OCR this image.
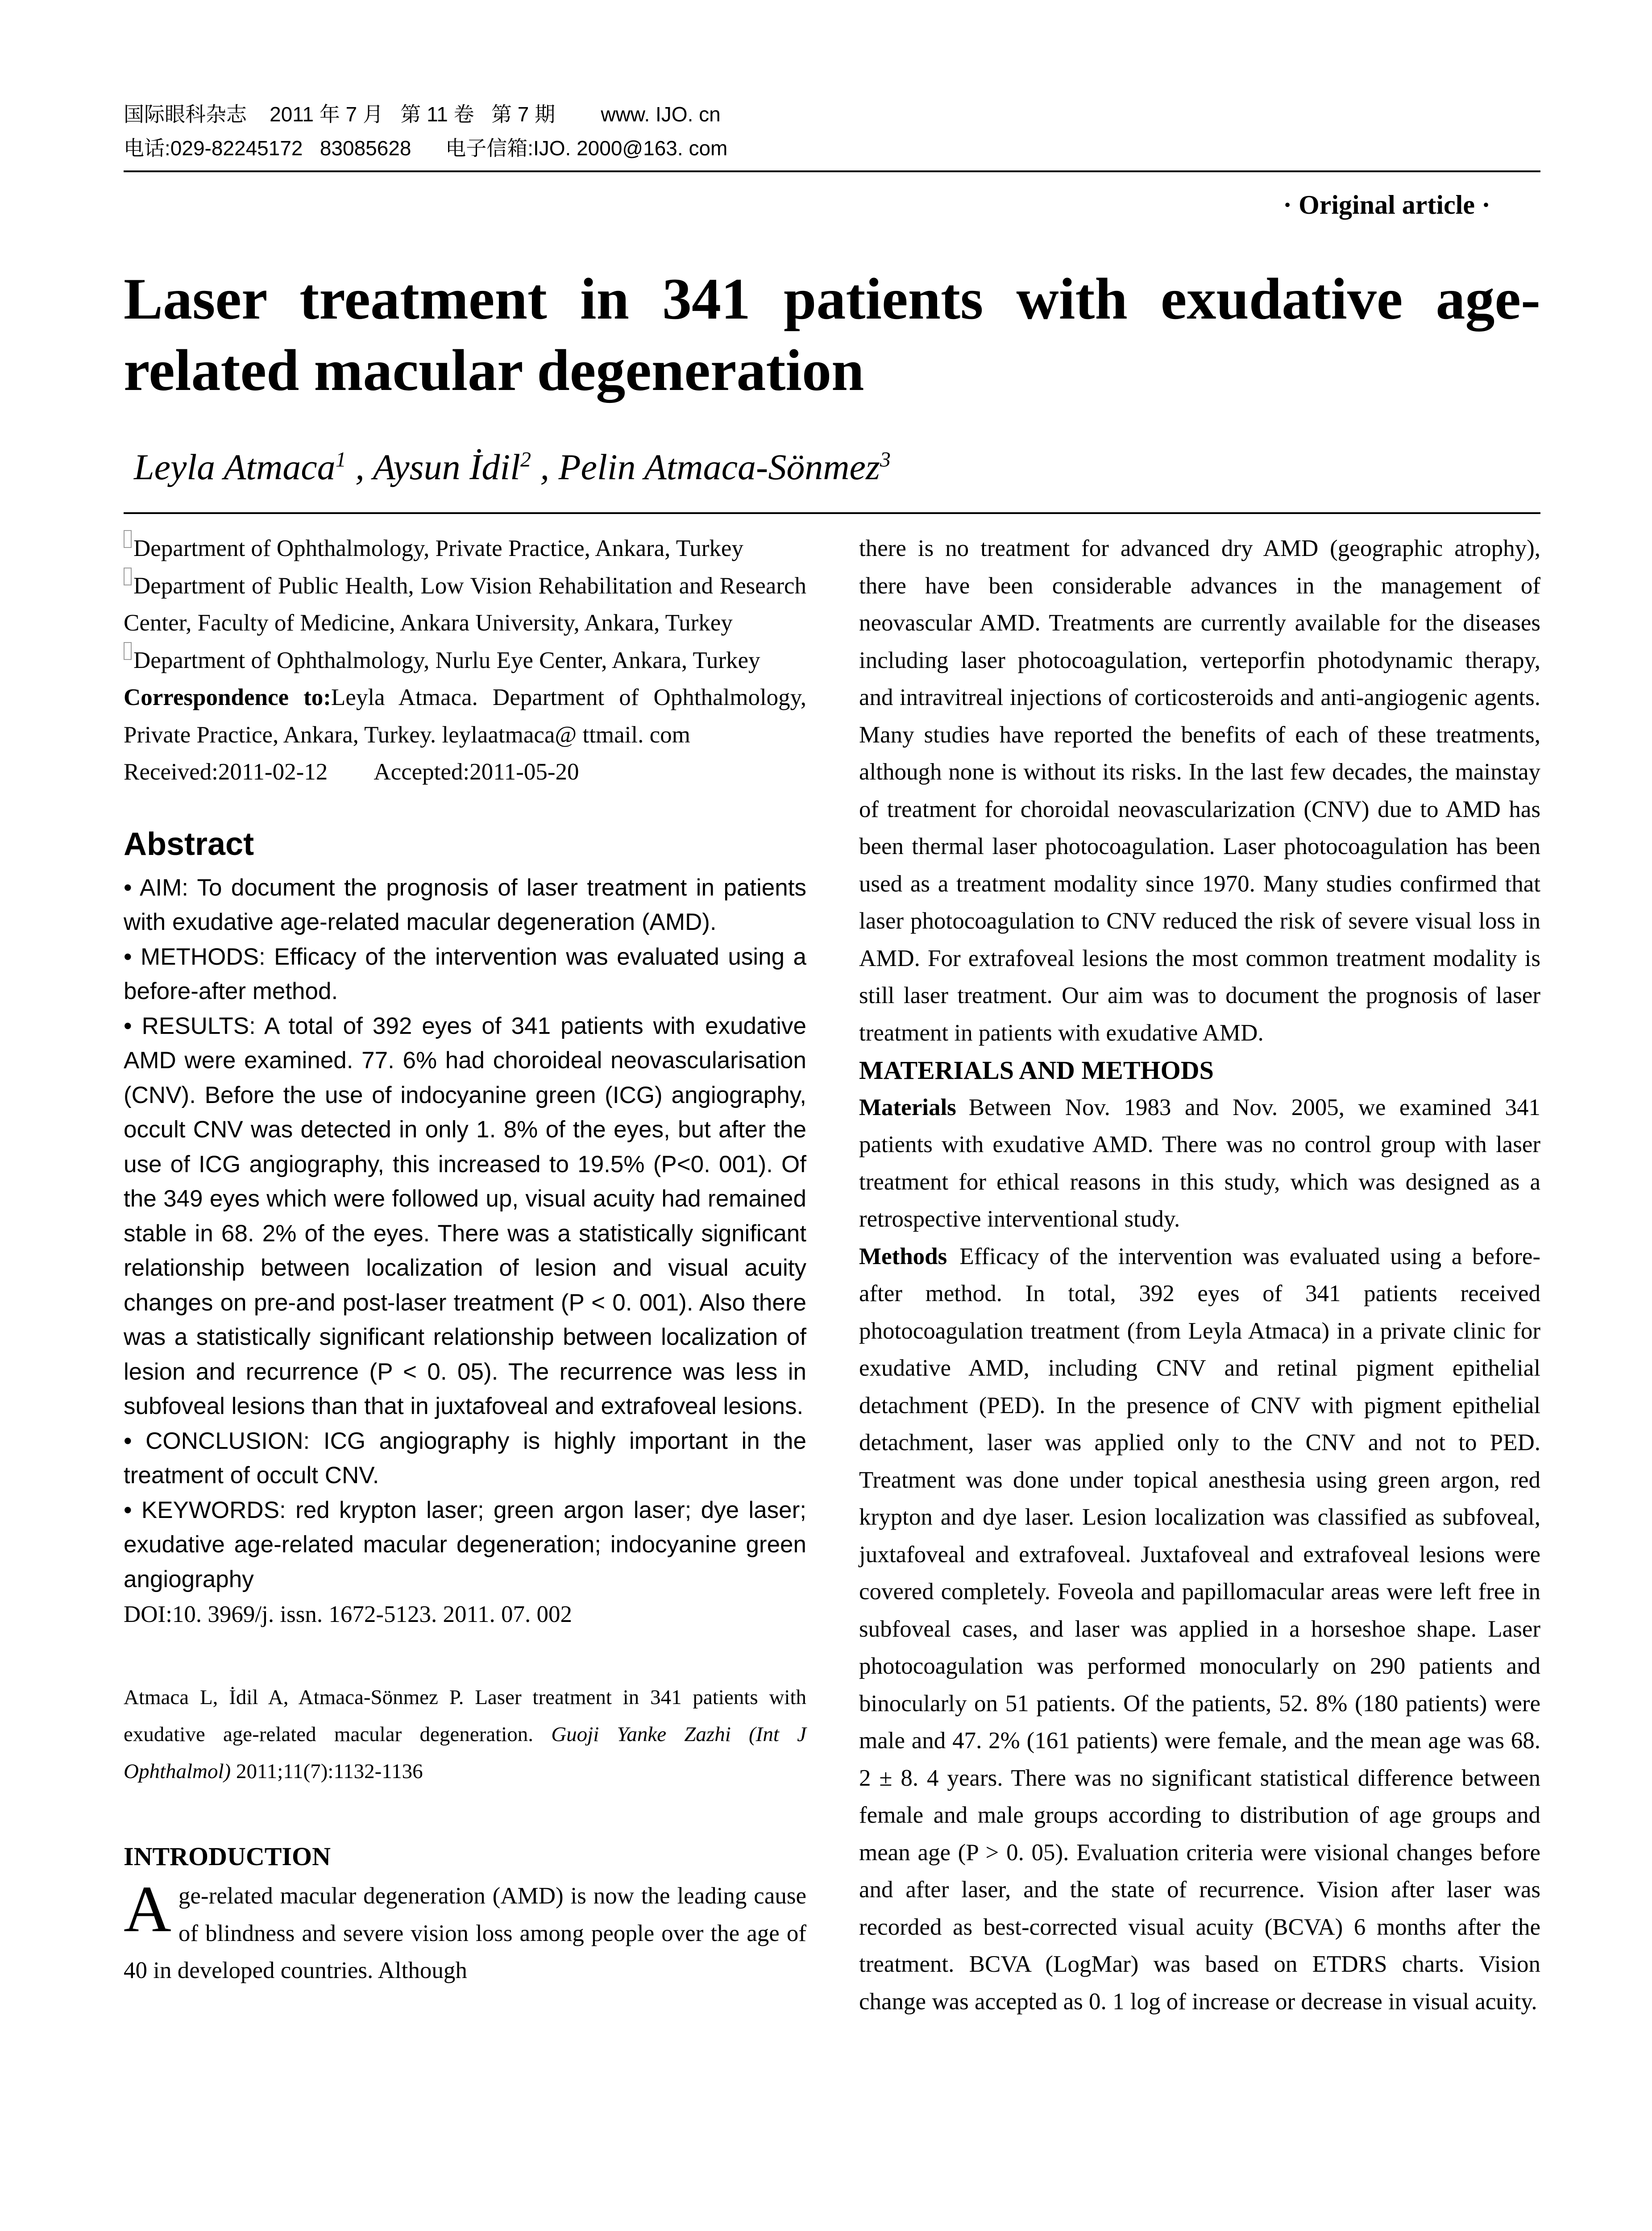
国际眼科杂志    2011 年 7 月   第 11 卷   第 7 期        www. IJO. cn
电话:029-82245172   83085628      电子信箱:IJO. 2000@163. com
· Original article ·
Laser treatment in 341 patients with exudative age-related macular degeneration
Leyla Atmaca$^1$ , Aysun İdil$^2$ , Pelin Atmaca-Sönmez$^3$

Department of Ophthalmology, Private Practice, Ankara, Turkey

Department of Public Health, Low Vision Rehabilitation and Research Center, Faculty of Medicine, Ankara University, Ankara, Turkey

Department of Ophthalmology, Nurlu Eye Center, Ankara, Turkey

Correspondence to:Leyla Atmaca. Department of Ophthalmology, Private Practice, Ankara, Turkey. leylaatmaca@ ttmail. com

Received:2011-02-12 Accepted:2011-05-20

Abstract

• AIM: To document the prognosis of laser treatment in patients with exudative age-related macular degeneration (AMD).

• METHODS: Efficacy of the intervention was evaluated using a before-after method.

• RESULTS: A total of 392 eyes of 341 patients with exudative AMD were examined. 77. 6% had choroideal neovascularisation (CNV). Before the use of indocyanine green (ICG) angiography, occult CNV was detected in only 1. 8% of the eyes, but after the use of ICG angiography, this increased to 19.5% (P<0. 001). Of the 349 eyes which were followed up, visual acuity had remained stable in 68. 2% of the eyes. There was a statistically significant relationship between localization of lesion and visual acuity changes on pre-and post-laser treatment (P < 0. 001). Also there was a statistically significant relationship between localization of lesion and recurrence (P < 0. 05). The recurrence was less in subfoveal lesions than that in juxtafoveal and extrafoveal lesions.

• CONCLUSION: ICG angiography is highly important in the treatment of occult CNV.

• KEYWORDS: red krypton laser; green argon laser; dye laser; exudative age-related macular degeneration; indocyanine green angiography

DOI:10. 3969/j. issn. 1672-5123. 2011. 07. 002

Atmaca L, İdil A, Atmaca-Sönmez P. Laser treatment in 341 patients with exudative age-related macular degeneration. Guoji Yanke Zazhi (Int J Ophthalmol) 2011;11(7):1132-1136
INTRODUCTION
Age-related macular degeneration (AMD) is now the leading cause of blindness and severe vision loss among people over the age of 40 in developed countries. Although

there is no treatment for advanced dry AMD (geographic atrophy), there have been considerable advances in the management of neovascular AMD. Treatments are currently available for the diseases including laser photocoagulation, verteporfin photodynamic therapy, and intravitreal injections of corticosteroids and anti-angiogenic agents. Many studies have reported the benefits of each of these treatments, although none is without its risks. In the last few decades, the mainstay of treatment for choroidal neovascularization (CNV) due to AMD has been thermal laser photocoagulation. Laser photocoagulation has been used as a treatment modality since 1970. Many studies confirmed that laser photocoagulation to CNV reduced the risk of severe visual loss in AMD. For extrafoveal lesions the most common treatment modality is still laser treatment. Our aim was to document the prognosis of laser treatment in patients with exudative AMD.

MATERIALS AND METHODS

Materials Between Nov. 1983 and Nov. 2005, we examined 341 patients with exudative AMD. There was no control group with laser treatment for ethical reasons in this study, which was designed as a retrospective interventional study.

Methods Efficacy of the intervention was evaluated using a before-after method. In total, 392 eyes of 341 patients received photocoagulation treatment (from Leyla Atmaca) in a private clinic for exudative AMD, including CNV and retinal pigment epithelial detachment (PED). In the presence of CNV with pigment epithelial detachment, laser was applied only to the CNV and not to PED. Treatment was done under topical anesthesia using green argon, red krypton and dye laser. Lesion localization was classified as subfoveal, juxtafoveal and extrafoveal. Juxtafoveal and extrafoveal lesions were covered completely. Foveola and papillomacular areas were left free in subfoveal cases, and laser was applied in a horseshoe shape. Laser photocoagulation was performed monocularly on 290 patients and binocularly on 51 patients. Of the patients, 52. 8% (180 patients) were male and 47. 2% (161 patients) were female, and the mean age was 68. 2 ± 8. 4 years. There was no significant statistical difference between female and male groups according to distribution of age groups and mean age (P > 0. 05). Evaluation criteria were visional changes before and after laser, and the state of recurrence. Vision after laser was recorded as best-corrected visual acuity (BCVA) 6 months after the treatment. BCVA (LogMar) was based on ETDRS charts. Vision change was accepted as 0. 1 log of increase or decrease in visual acuity.
